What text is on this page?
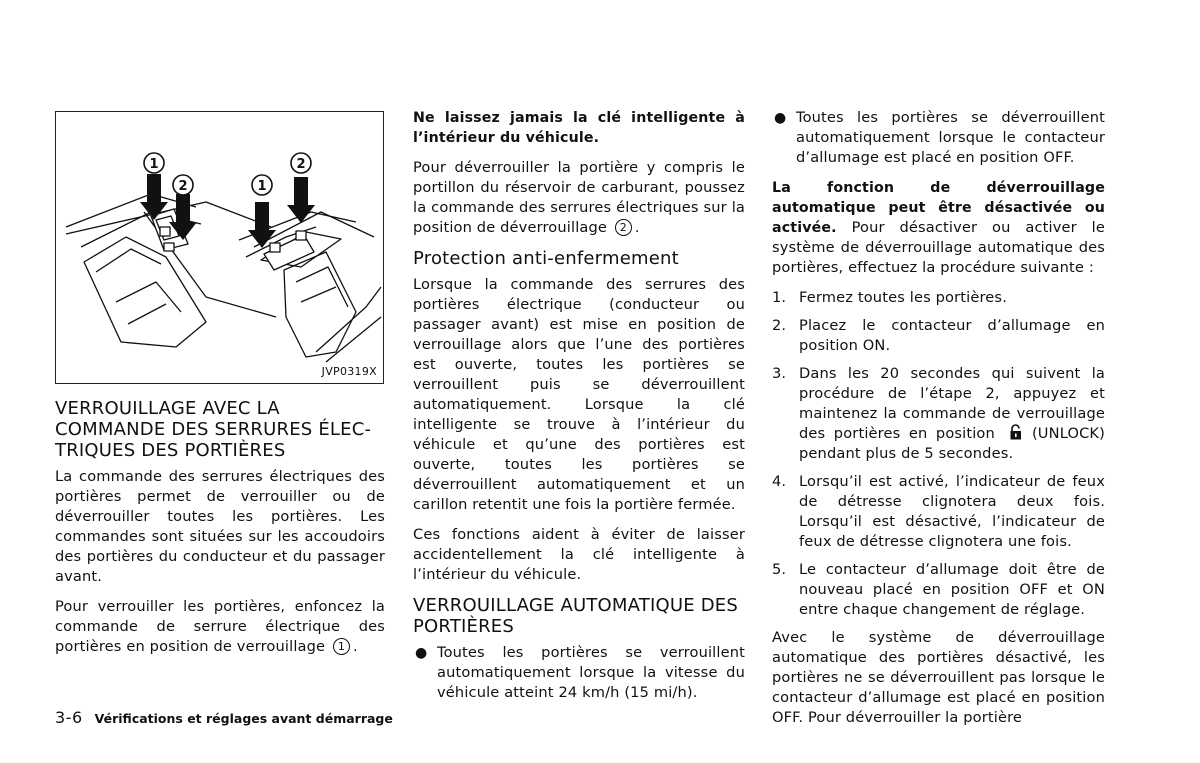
1
2	1
2
JVP0319X
VERROUILLAGE AVEC LA COMMANDE DES SERRURES ÉLEC-TRIQUES DES PORTIÈRES

La commande des serrures électriques des portières permet de verrouiller ou de déverrouiller toutes les portières. Les commandes sont situées sur les accoudoirs des portières du conducteur et du passager avant.

Pour verrouiller les portières, enfoncez la commande de serrure électrique des portières en position de verrouillage 1 .

Ne laissez jamais la clé intelligente à l’intérieur du véhicule.

Pour déverrouiller la portière y compris le portillon du réservoir de carburant, poussez la commande des serrures électriques sur la position de déverrouillage 2 .

Protection anti-enfermement

Lorsque la commande des serrures des portières électrique (conducteur ou passager avant) est mise en position de verrouillage alors que l’une des portières est ouverte, toutes les portières se verrouillent puis se déverrouillent automatiquement. Lorsque la clé intelligente se trouve à l’intérieur du véhicule et qu’une des portières est ouverte, toutes les portières se déverrouillent automatiquement et un carillon retentit une fois la portière fermée.

Ces fonctions aident à éviter de laisser accidentellement la clé intelligente à l’intérieur du véhicule.

VERROUILLAGE AUTOMATIQUE DES PORTIÈRES

● Toutes les portières se verrouillent automatiquement lorsque la vitesse du véhicule atteint 24 km/h (15 mi/h).

● Toutes les portières se déverrouillent automatiquement lorsque le contacteur d’allumage est placé en position OFF.

La fonction de déverrouillage automatique peut être désactivée ou activée. Pour désactiver ou activer le système de déverrouillage automatique des portières, effectuez la procédure suivante :

1. Fermez toutes les portières.
2. Placez le contacteur d’allumage en position ON.
3. Dans les 20 secondes qui suivent la procédure de l’étape 2, appuyez et maintenez la commande de verrouillage des portières en position	(UNLOCK) pendant plus de 5 secondes.
4. Lorsqu’il est activé, l’indicateur de feux de détresse clignotera deux fois. Lorsqu’il est désactivé, l’indicateur de feux de détresse clignotera une fois.
5. Le contacteur d’allumage doit être de nouveau placé en position OFF et ON entre chaque changement de réglage.

Avec le système de déverrouillage automatique des portières désactivé, les portières ne se déverrouillent pas lorsque le contacteur d’allumage est placé en position OFF. Pour déverrouiller la portière

3-6 Vérifications et réglages avant démarrage
